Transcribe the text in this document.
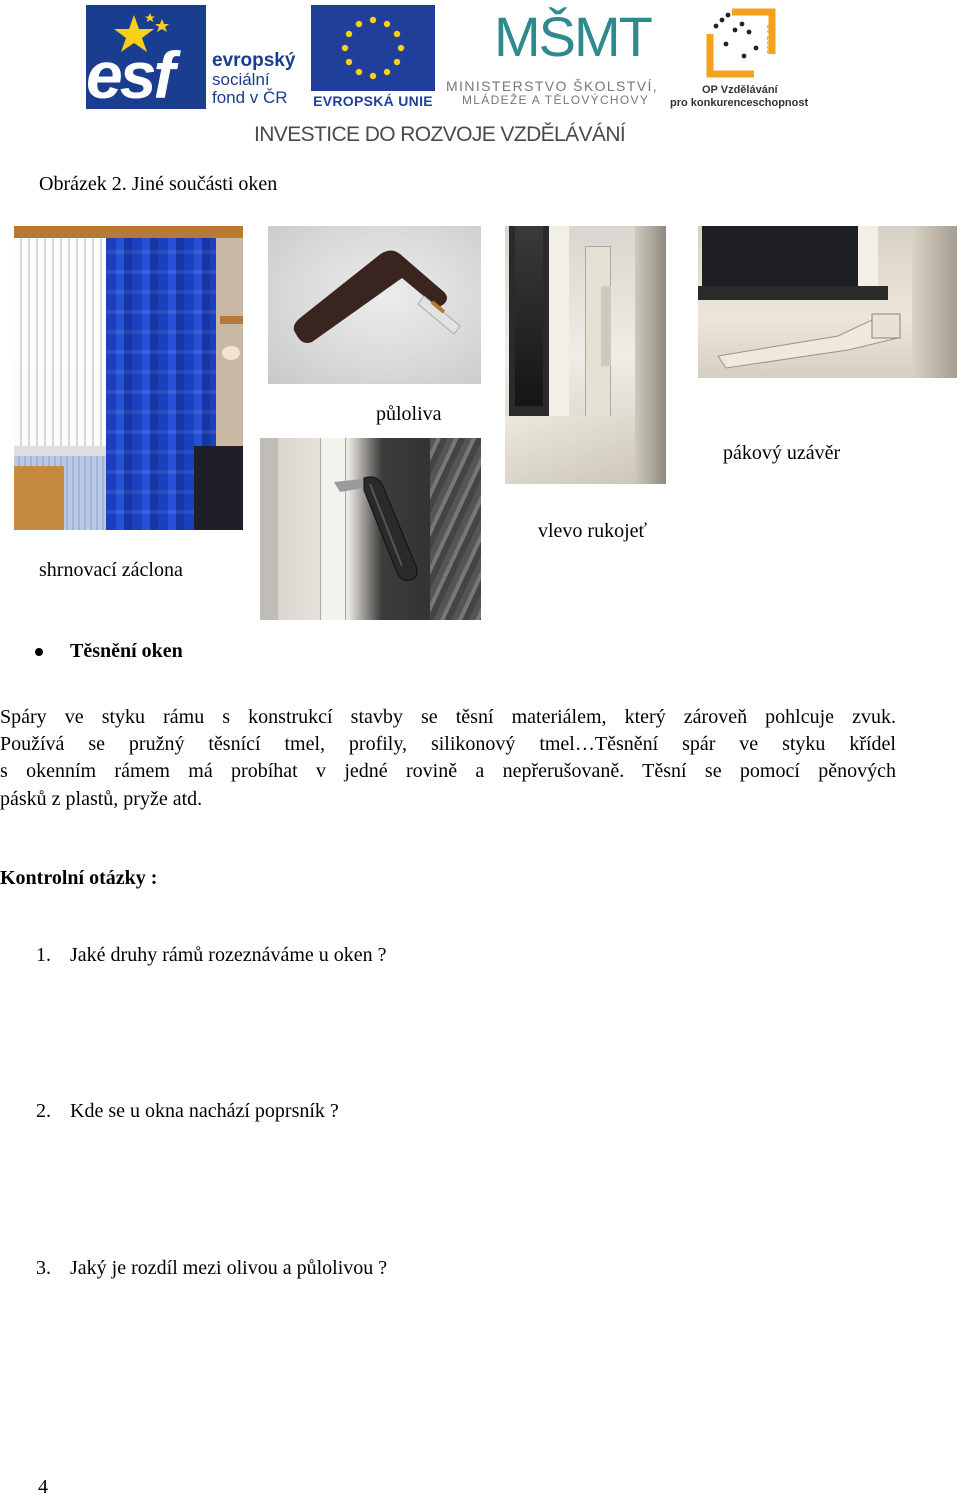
esf	evropský
sociální
fond v ČR EVROPSKÁ UNIE
MŠMT
MINISTERSTVO ŠKOLSTVÍ,
MLÁDEŽE A TĚLOVÝCHOVY
2007-13
OP Vzdělávání
pro konkurenceschopnost
INVESTICE DO ROZVOJE VZDĚLÁVÁNÍ
Obrázek 2. Jiné součásti oken
půloliva
pákový uzávěr
vlevo rukojeť
shrnovací záclona
Těsnění oken
Spáry ve styku rámu s konstrukcí stavby se těsní materiálem, který zároveň pohlcuje zvuk.
Používá se pružný těsnící tmel, profily, silikonový tmel…Těsnění spár ve styku křídel
s okenním rámem má probíhat v jedné rovině a nepřerušovaně. Těsní se pomocí pěnových
pásků z plastů, pryže atd.
Kontrolní otázky :
1. Jaké druhy rámů rozeznáváme u oken ?
2. Kde se u okna nachází poprsník ?
3. Jaký je rozdíl mezi olivou a půlolivou ?
4
